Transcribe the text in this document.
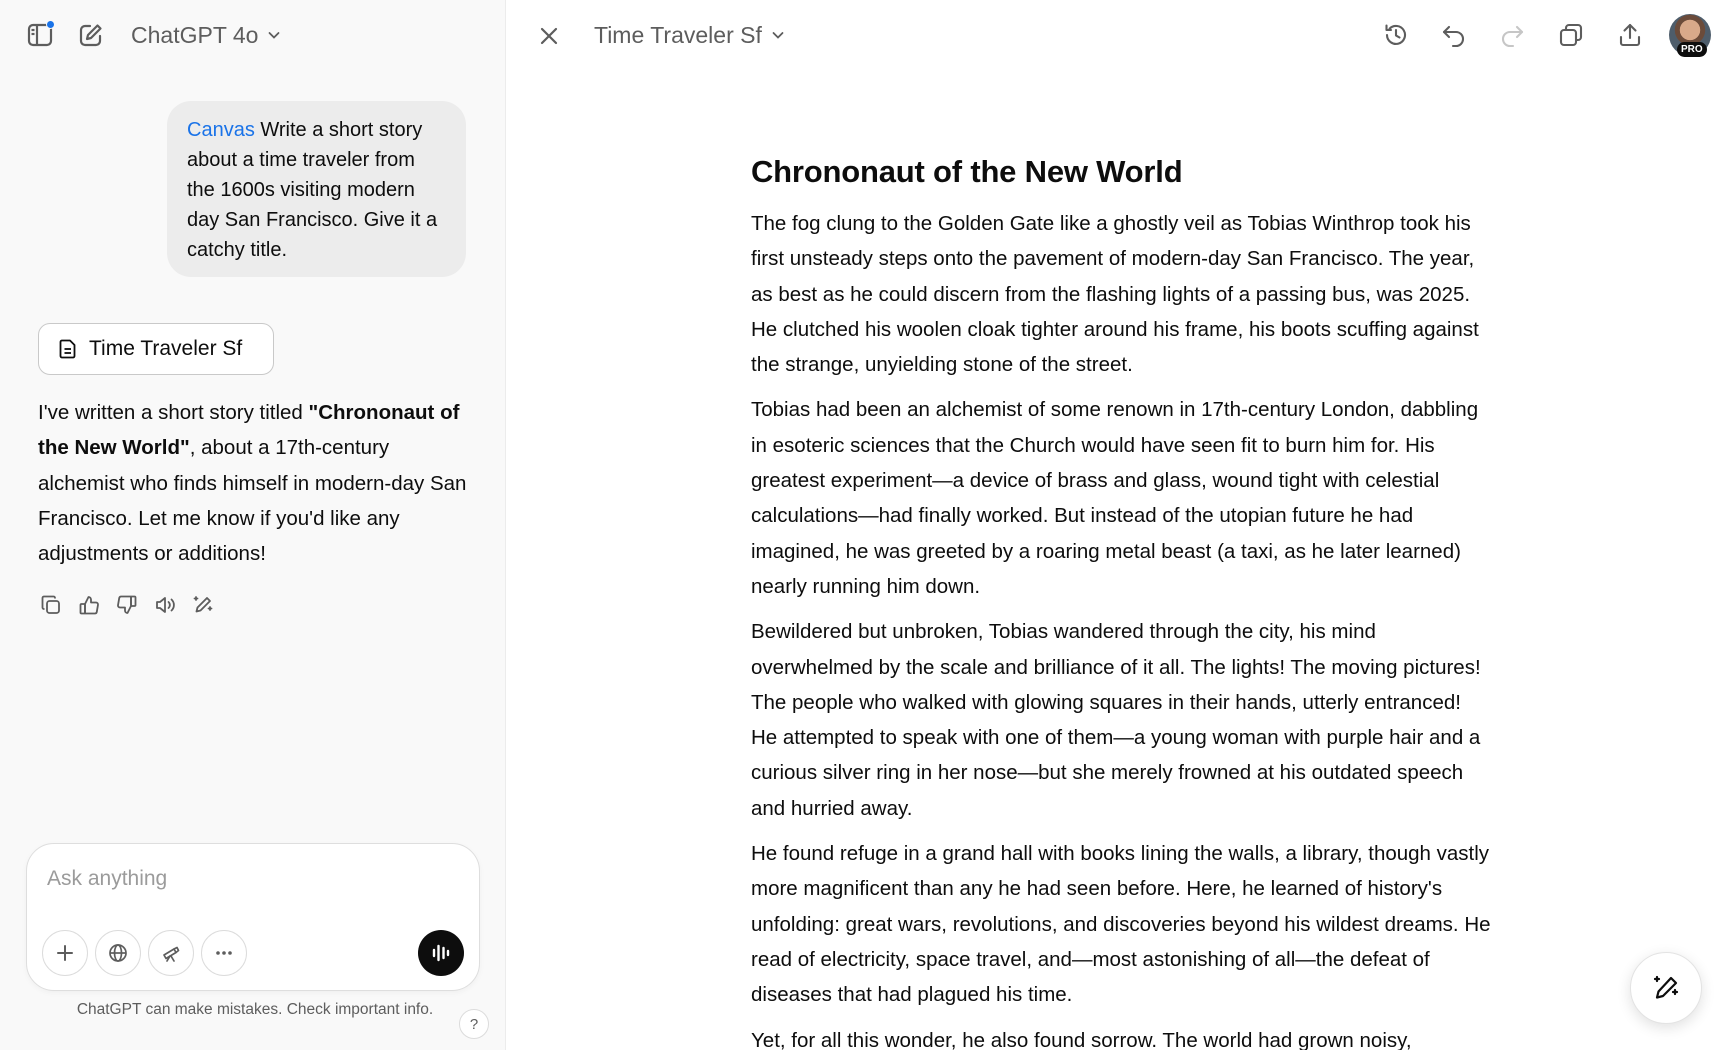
ChatGPT 4o
Canvas Write a short story about a time traveler from the 1600s visiting modern day San Francisco. Give it a catchy title.
Time Traveler Sf
I've written a short story titled "Chrononaut of the New World", about a 17th-century alchemist who finds himself in modern-day San Francisco. Let me know if you'd like any adjustments or additions!
Ask anything
ChatGPT can make mistakes. Check important info.
?
Time Traveler Sf
PRO
Chrononaut of the New World

The fog clung to the Golden Gate like a ghostly veil as Tobias Winthrop took his first unsteady steps onto the pavement of modern-day San Francisco. The year, as best as he could discern from the flashing lights of a passing bus, was 2025. He clutched his woolen cloak tighter around his frame, his boots scuffing against the strange, unyielding stone of the street.

Tobias had been an alchemist of some renown in 17th-century London, dabbling in esoteric sciences that the Church would have seen fit to burn him for. His greatest experiment—a device of brass and glass, wound tight with celestial calculations—had finally worked. But instead of the utopian future he had imagined, he was greeted by a roaring metal beast (a taxi, as he later learned) nearly running him down.

Bewildered but unbroken, Tobias wandered through the city, his mind overwhelmed by the scale and brilliance of it all. The lights! The moving pictures! The people who walked with glowing squares in their hands, utterly entranced! He attempted to speak with one of them—a young woman with purple hair and a curious silver ring in her nose—but she merely frowned at his outdated speech and hurried away.

He found refuge in a grand hall with books lining the walls, a library, though vastly more magnificent than any he had seen before. Here, he learned of history's unfolding: great wars, revolutions, and discoveries beyond his wildest dreams. He read of electricity, space travel, and—most astonishing of all—the defeat of diseases that had plagued his time.

Yet, for all this wonder, he also found sorrow. The world had grown noisy,
